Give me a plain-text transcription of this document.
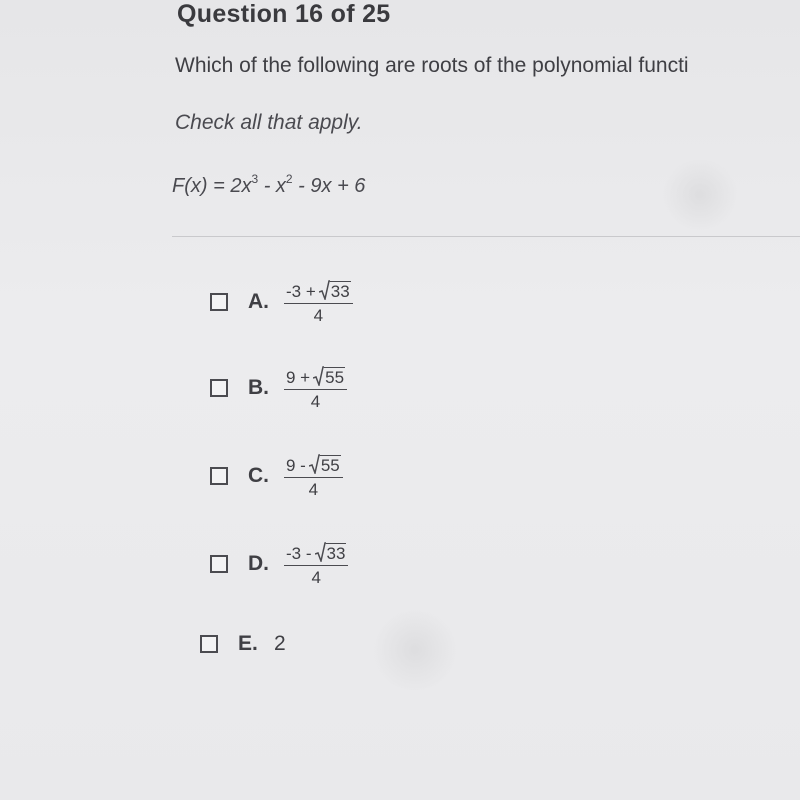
Question 16 of 25
Which of the following are roots of the polynomial functi
Check all that apply.
$F(x) = 2x^3 - x^2 - 9x + 6$
A. $\frac{-3 + 33}{4}$
B. $\frac{9 + 55}{4}$
C. $\frac{9 - 55}{4}$
D. $\frac{-3 - 33}{4}$
E. 2
